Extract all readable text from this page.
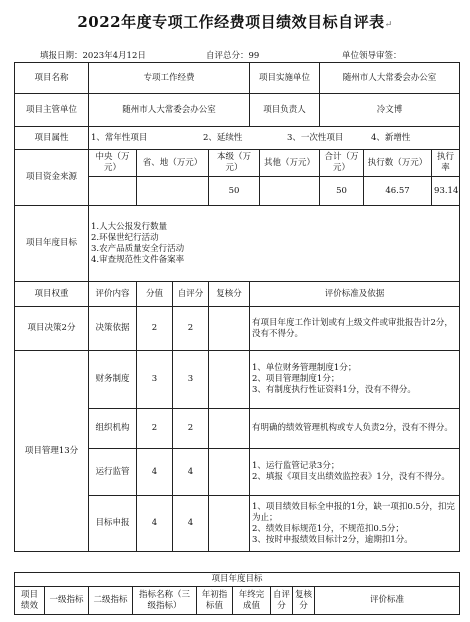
2022年度专项工作经费项目绩效目标自评表↵
填报日期：2023年4月12日	自评总分：99	单位领导审签：
项目名称	专项工作经费				项目实施单位		随州市人大常委会办公室		
项目主管单位	随州市人大常委会办公室				项目负责人		冷文博		
项目属性	1、常年性项目 2、延续性 3、一次性项目 4、新增性								
项目资金来源	中央（万元）	省、地（万元）		本级（万元）		其他（万元）	合计（万元）	执行数（万元）	执行率
				50			50	46.57	93.14
项目年度目标	1.人大公报发行数量
2.环保世纪行活动
3.农产品质量安全行活动
4.审查规范性文件备案率								

项目权重	评价内容	分值	自评分	复核分	评价标准及依据				
项目决策2分	决策依据	2	2		有项目年度工作计划或有上级文件或审批报告计2分，没有不得分。				

项目管理13分	财务制度	3	3		1、单位财务管理制度1分；
2、项目管理制度1分；
3、有制度执行性证资料1分，没有不得分。				

	组织机构	2	2		有明确的绩效管理机构或专人负责2分，没有不得分。				

	运行监管	4	4		1、运行监管记录3分；
2、填报《项目支出绩效监控表》1分，没有不得分。				

	目标申报	4	4		1、项目绩效目标全申报的1分，缺一项扣0.5分，扣完为止；
2、绩效目标规范1分，不规范扣0.5分；
3、按时申报绩效目标计2分，逾期扣1分。				
项目年度目标
项目绩效	一级指标	二级指标	指标名称（三级指标）	年初指标值	年终完成值	自评分	复核分	评价标准
